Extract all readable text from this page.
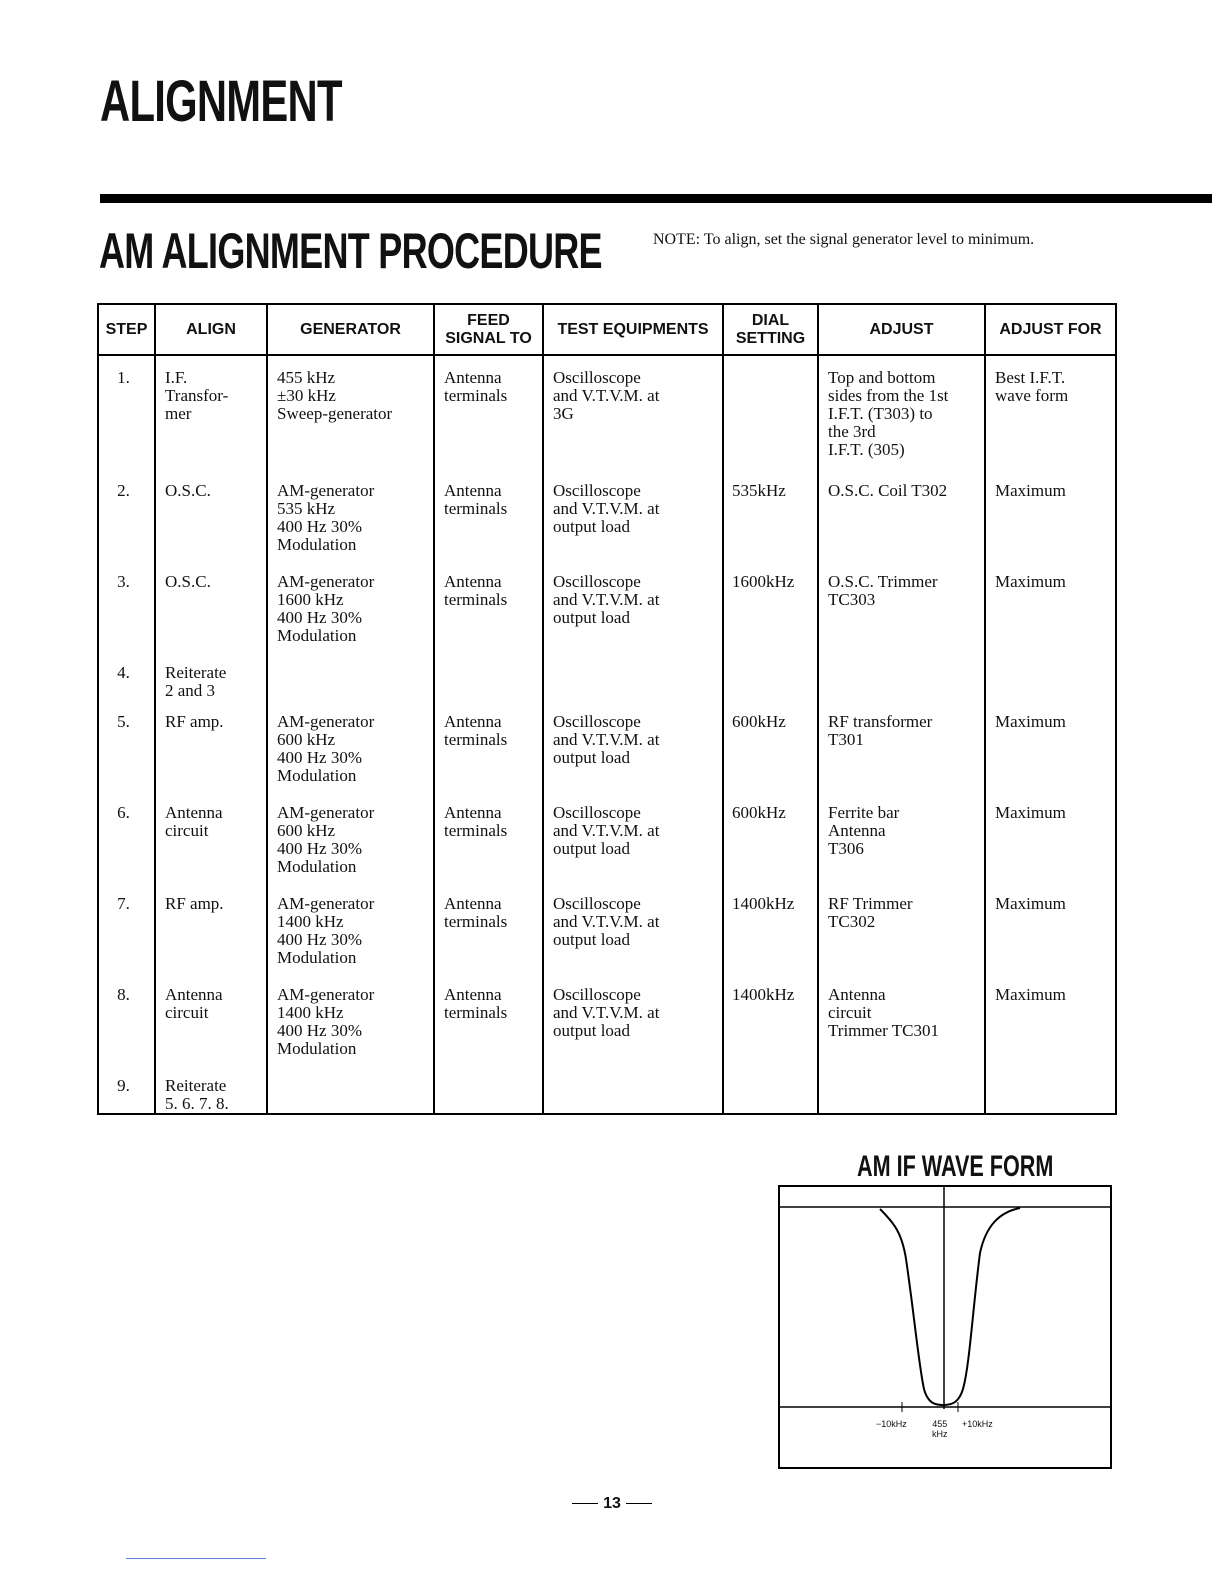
ALIGNMENT
AM ALIGNMENT PROCEDURE	NOTE: To align, set the signal generator level to minimum.
STEP	ALIGN	GENERATOR	FEED SIGNAL TO	TEST EQUIPMENTS	DIAL SETTING	ADJUST	ADJUST FOR
1.	I.F.
Transfor-
mer	455 kHz
±30 kHz
Sweep-generator	Antenna
terminals	Oscilloscope
and V.T.V.M. at
3G		Top and bottom
sides from the 1st
I.F.T. (T303) to
the 3rd
I.F.T. (305)	Best I.F.T.
wave form
2.	O.S.C.	AM-generator
535 kHz
400 Hz 30%
Modulation	Antenna
terminals	Oscilloscope
and V.T.V.M. at
output load	535kHz	O.S.C. Coil T302	Maximum
3.	O.S.C.	AM-generator
1600 kHz
400 Hz 30%
Modulation	Antenna
terminals	Oscilloscope
and V.T.V.M. at
output load	1600kHz	O.S.C. Trimmer
TC303	Maximum
4.	Reiterate
2 and 3						
5.	RF amp.	AM-generator
600 kHz
400 Hz 30%
Modulation	Antenna
terminals	Oscilloscope
and V.T.V.M. at
output load	600kHz	RF transformer
T301	Maximum
6.	Antenna
circuit	AM-generator
600 kHz
400 Hz 30%
Modulation	Antenna
terminals	Oscilloscope
and V.T.V.M. at
output load	600kHz	Ferrite bar
Antenna
T306	Maximum
7.	RF amp.	AM-generator
1400 kHz
400 Hz 30%
Modulation	Antenna
terminals	Oscilloscope
and V.T.V.M. at
output load	1400kHz	RF Trimmer
TC302	Maximum
8.	Antenna
circuit	AM-generator
1400 kHz
400 Hz 30%
Modulation	Antenna
terminals	Oscilloscope
and V.T.V.M. at
output load	1400kHz	Antenna
circuit
Trimmer TC301	Maximum
9.	Reiterate
5. 6. 7. 8.						
AM IF WAVE FORM
−10kHz	455
kHz
+10kHz
13
